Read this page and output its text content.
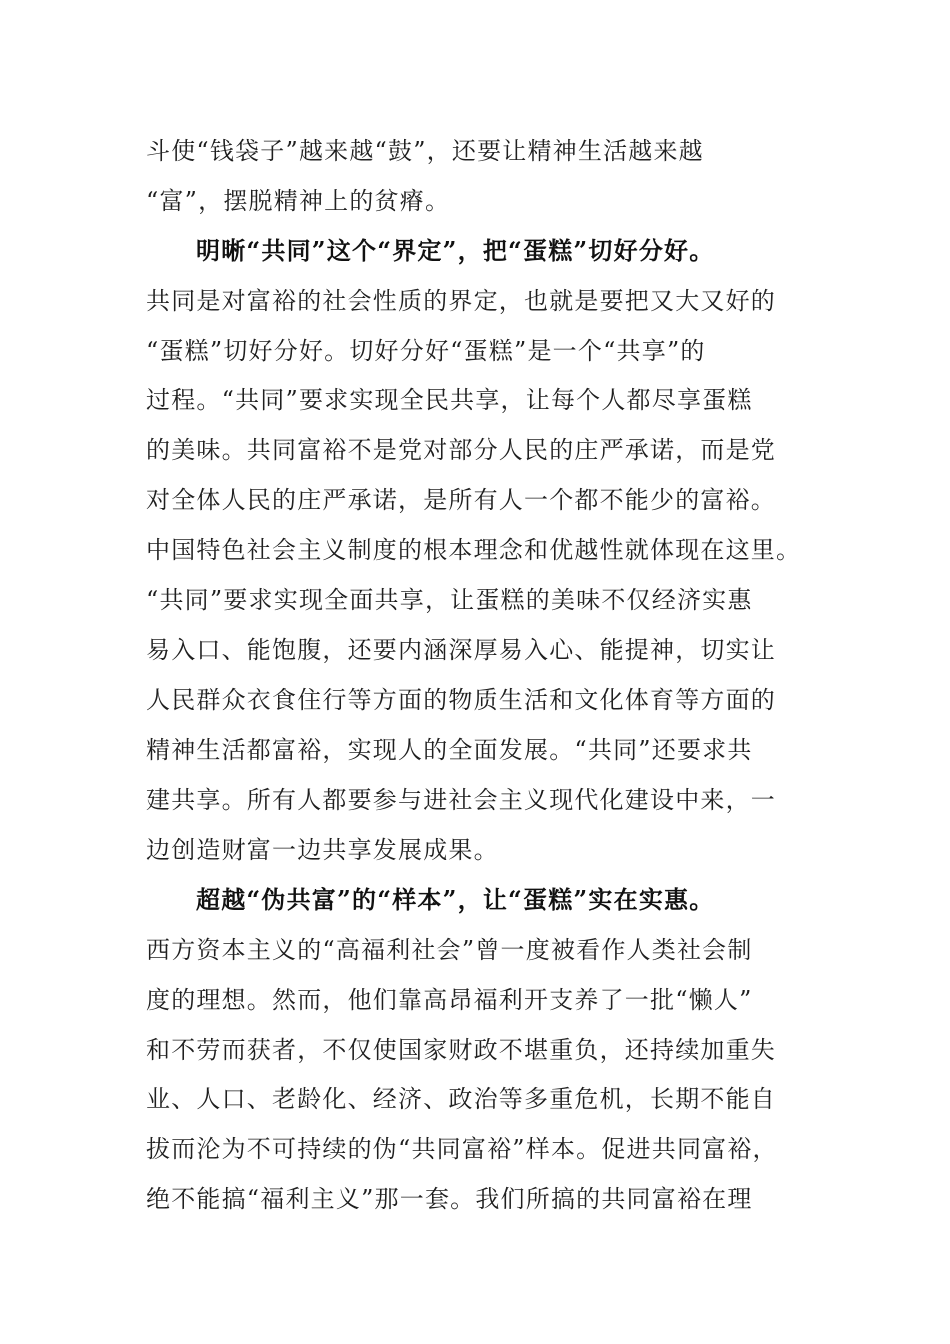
斗使“钱袋子”越来越“鼓”，还要让精神生活越来越
“富”，摆脱精神上的贫瘠。
明晰“共同”这个“界定”，把“蛋糕”切好分好。
共同是对富裕的社会性质的界定，也就是要把又大又好的
“蛋糕”切好分好。切好分好“蛋糕”是一个“共享”的
过程。“共同”要求实现全民共享，让每个人都尽享蛋糕
的美味。共同富裕不是党对部分人民的庄严承诺，而是党
对全体人民的庄严承诺，是所有人一个都不能少的富裕。
中国特色社会主义制度的根本理念和优越性就体现在这里。
“共同”要求实现全面共享，让蛋糕的美味不仅经济实惠
易入口、能饱腹，还要内涵深厚易入心、能提神，切实让
人民群众衣食住行等方面的物质生活和文化体育等方面的
精神生活都富裕，实现人的全面发展。“共同”还要求共
建共享。所有人都要参与进社会主义现代化建设中来，一
边创造财富一边共享发展成果。
超越“伪共富”的“样本”，让“蛋糕”实在实惠。
西方资本主义的“高福利社会”曾一度被看作人类社会制
度的理想。然而，他们靠高昂福利开支养了一批“懒人”
和不劳而获者，不仅使国家财政不堪重负，还持续加重失
业、人口、老龄化、经济、政治等多重危机，长期不能自
拔而沦为不可持续的伪“共同富裕”样本。促进共同富裕，
绝不能搞“福利主义”那一套。我们所搞的共同富裕在理
